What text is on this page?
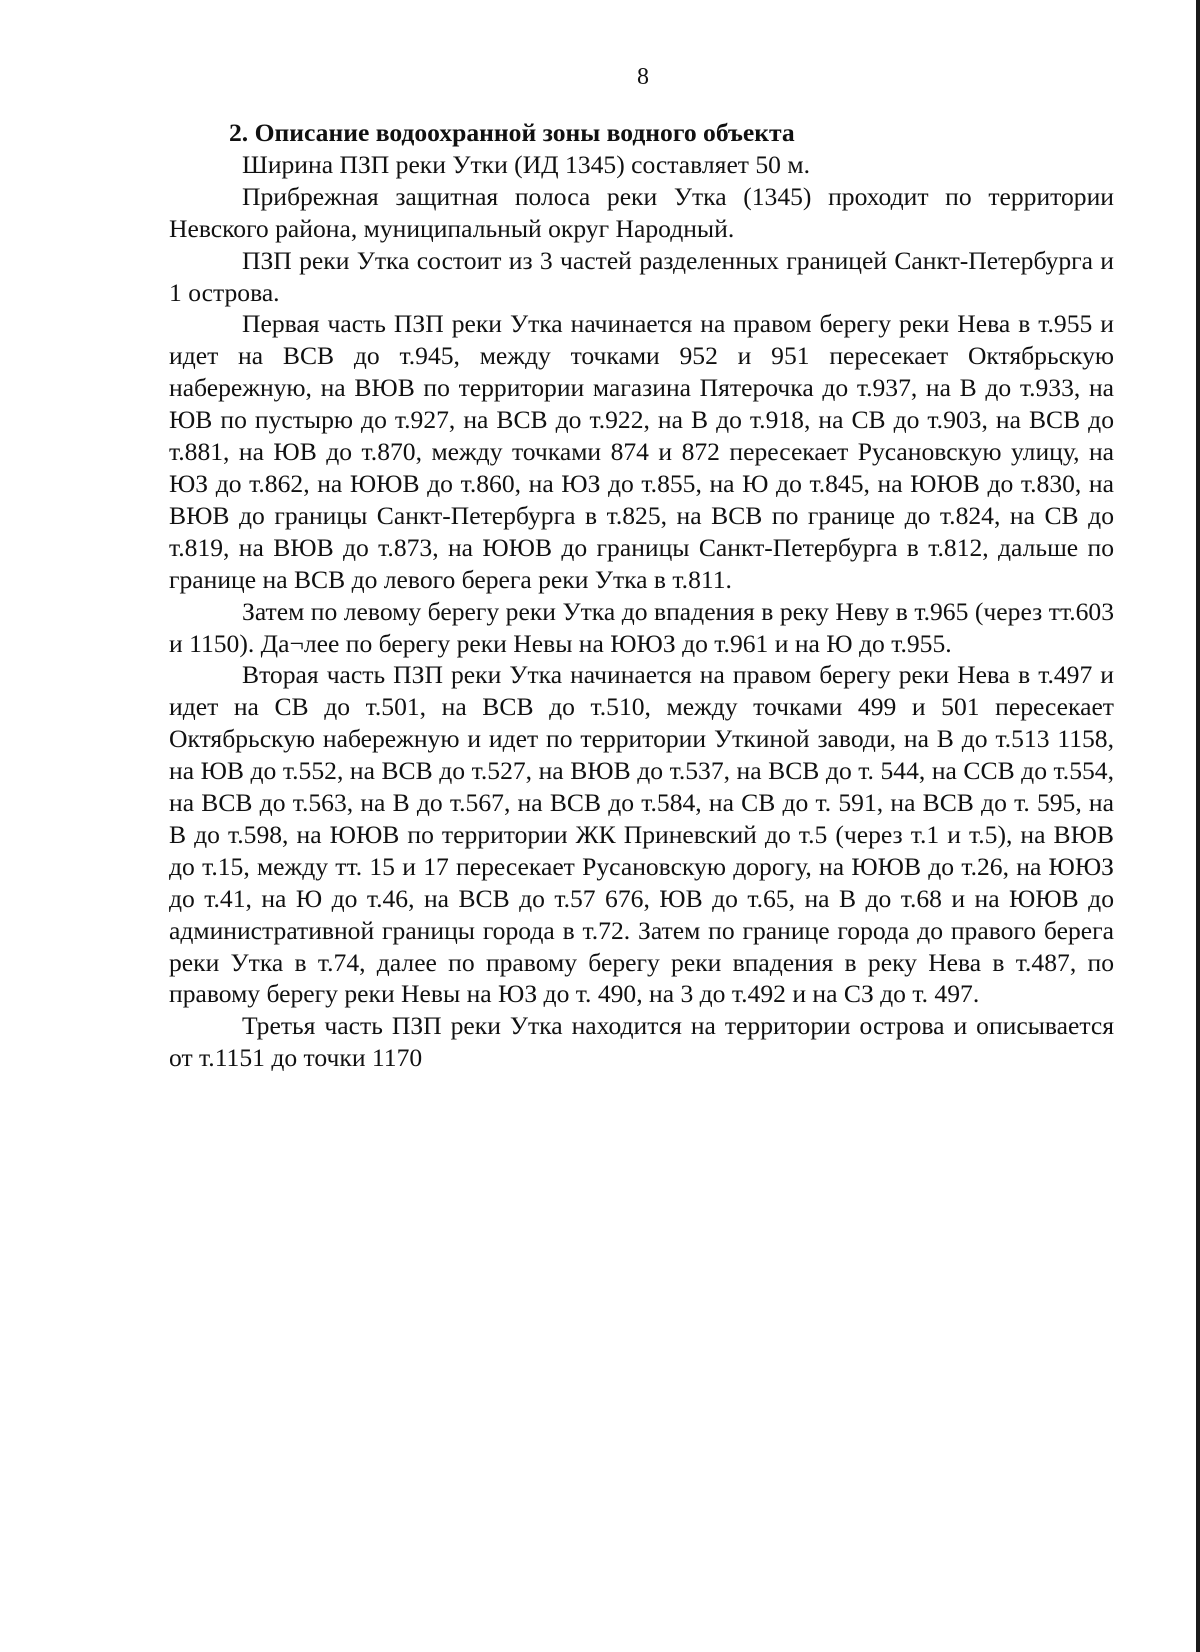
8

2. Описание водоохранной зоны водного объекта

Ширина ПЗП реки Утки (ИД 1345) составляет 50 м.

Прибрежная защитная полоса реки Утка (1345) проходит по территории Невского района, муниципальный округ Народный.

ПЗП реки Утка состоит из 3 частей разделенных границей Санкт-Петербурга и 1 острова.

Первая часть ПЗП реки Утка начинается на правом берегу реки Нева в т.955 и идет на ВСВ до т.945, между точками 952 и 951 пересекает Октябрьскую набережную, на ВЮВ по территории магазина Пятерочка до т.937, на В до т.933, на ЮВ по пустырю до т.927, на ВСВ до т.922, на В до т.918, на СВ до т.903, на ВСВ до т.881, на ЮВ до т.870, между точками 874 и 872 пересекает Русановскую улицу, на ЮЗ до т.862, на ЮЮВ до т.860, на ЮЗ до т.855, на Ю до т.845, на ЮЮВ до т.830, на ВЮВ до границы Санкт-Петербурга в т.825, на ВСВ по границе до т.824, на СВ до т.819, на ВЮВ до т.873, на ЮЮВ до границы Санкт-Петербурга в т.812, дальше по границе на ВСВ до левого берега реки Утка в т.811.

Затем по левому берегу реки Утка до впадения в реку Неву в т.965 (через тт.603 и 1150). Да¬лее по берегу реки Невы на ЮЮЗ до т.961 и на Ю до т.955.

Вторая часть ПЗП реки Утка начинается на правом берегу реки Нева в т.497 и идет на СВ до т.501, на ВСВ до т.510, между точками 499 и 501 пересекает Октябрьскую набережную и идет по территории Уткиной заводи, на В до т.513 1158, на ЮВ до т.552, на ВСВ до т.527, на ВЮВ до т.537, на ВСВ до т. 544, на ССВ до т.554, на ВСВ до т.563, на В до т.567, на ВСВ до т.584, на СВ до т. 591, на ВСВ до т. 595, на В до т.598, на ЮЮВ по территории ЖК Приневский до т.5 (через т.1 и т.5), на ВЮВ до т.15, между тт. 15 и 17 пересекает Русановскую дорогу, на ЮЮВ до т.26, на ЮЮЗ до т.41, на Ю до т.46, на ВСВ до т.57 676, ЮВ до т.65, на В до т.68 и на ЮЮВ до административной границы города в т.72. Затем по границе города до правого берега реки Утка в т.74, далее по правому берегу реки впадения в реку Нева в т.487, по правому берегу реки Невы на ЮЗ до т. 490, на 3 до т.492 и на СЗ до т. 497.

Третья часть ПЗП реки Утка находится на территории острова и описывается от т.1151 до точки 1170
